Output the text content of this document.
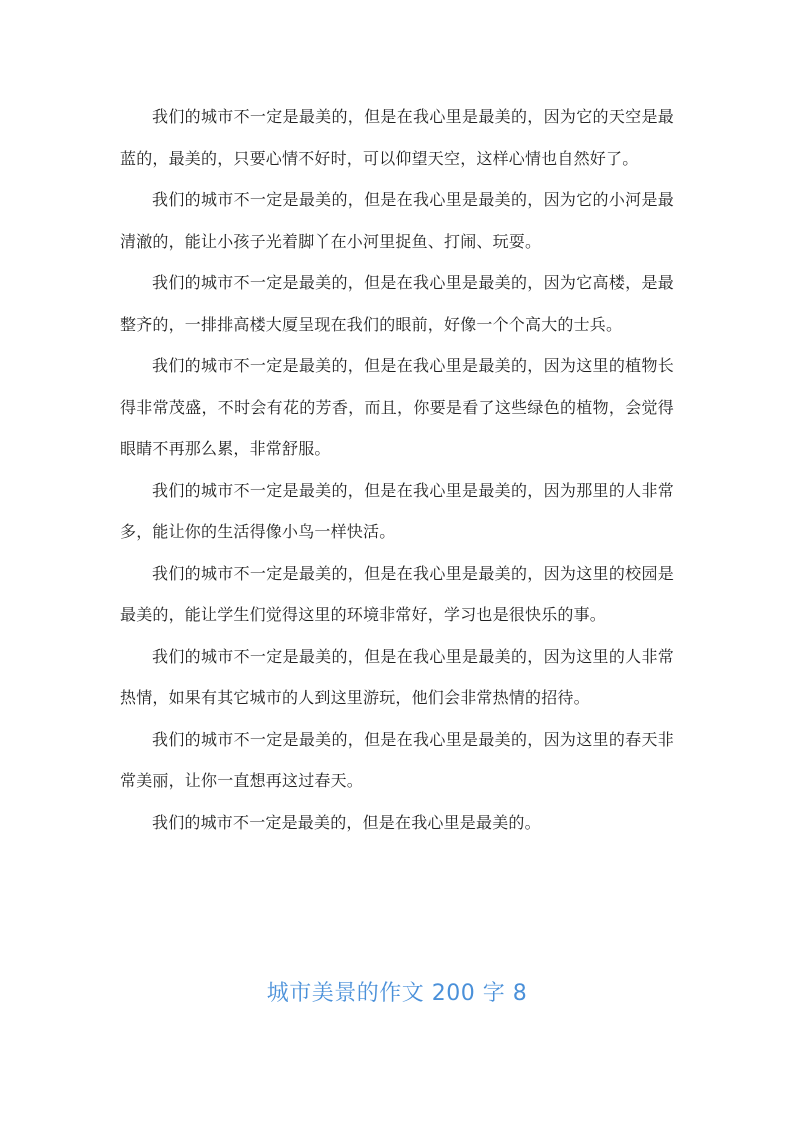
我们的城市不一定是最美的，但是在我心里是最美的，因为它的天空是最蓝的，最美的，只要心情不好时，可以仰望天空，这样心情也自然好了。

我们的城市不一定是最美的，但是在我心里是最美的，因为它的小河是最清澈的，能让小孩子光着脚丫在小河里捉鱼、打闹、玩耍。

我们的城市不一定是最美的，但是在我心里是最美的，因为它高楼，是最整齐的，一排排高楼大厦呈现在我们的眼前，好像一个个高大的士兵。

我们的城市不一定是最美的，但是在我心里是最美的，因为这里的植物长得非常茂盛，不时会有花的芳香，而且，你要是看了这些绿色的植物，会觉得眼睛不再那么累，非常舒服。

我们的城市不一定是最美的，但是在我心里是最美的，因为那里的人非常多，能让你的生活得像小鸟一样快活。

我们的城市不一定是最美的，但是在我心里是最美的，因为这里的校园是最美的，能让学生们觉得这里的环境非常好，学习也是很快乐的事。

我们的城市不一定是最美的，但是在我心里是最美的，因为这里的人非常热情，如果有其它城市的人到这里游玩，他们会非常热情的招待。

我们的城市不一定是最美的，但是在我心里是最美的，因为这里的春天非常美丽，让你一直想再这过春天。

我们的城市不一定是最美的，但是在我心里是最美的。

城市美景的作文 200 字 8
